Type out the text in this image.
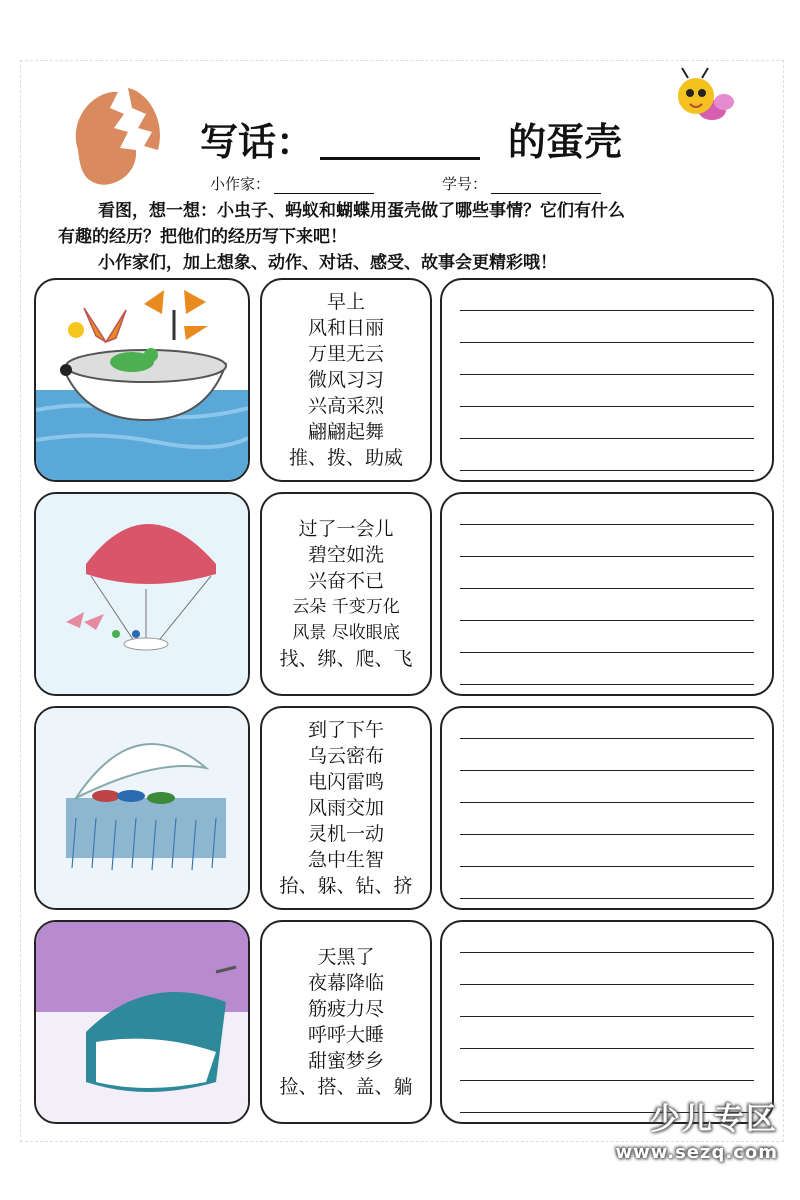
写话：	的蛋壳
小作家：	学号：
看图，想一想：小虫子、蚂蚁和蝴蝶用蛋壳做了哪些事情？它们有什么
有趣的经历？把他们的经历写下来吧！
小作家们，加上想象、动作、对话、感受、故事会更精彩哦！
早上
风和日丽
万里无云
微风习习
兴高采烈
翩翩起舞
推、拨、助威
过了一会儿
碧空如洗
兴奋不已
云朵 千变万化
风景 尽收眼底
找、绑、爬、飞
到了下午
乌云密布
电闪雷鸣
风雨交加
灵机一动
急中生智
抬、躲、钻、挤
天黑了
夜幕降临
筋疲力尽
呼呼大睡
甜蜜梦乡
捡、搭、盖、躺
少儿专区
www.sezq.com
